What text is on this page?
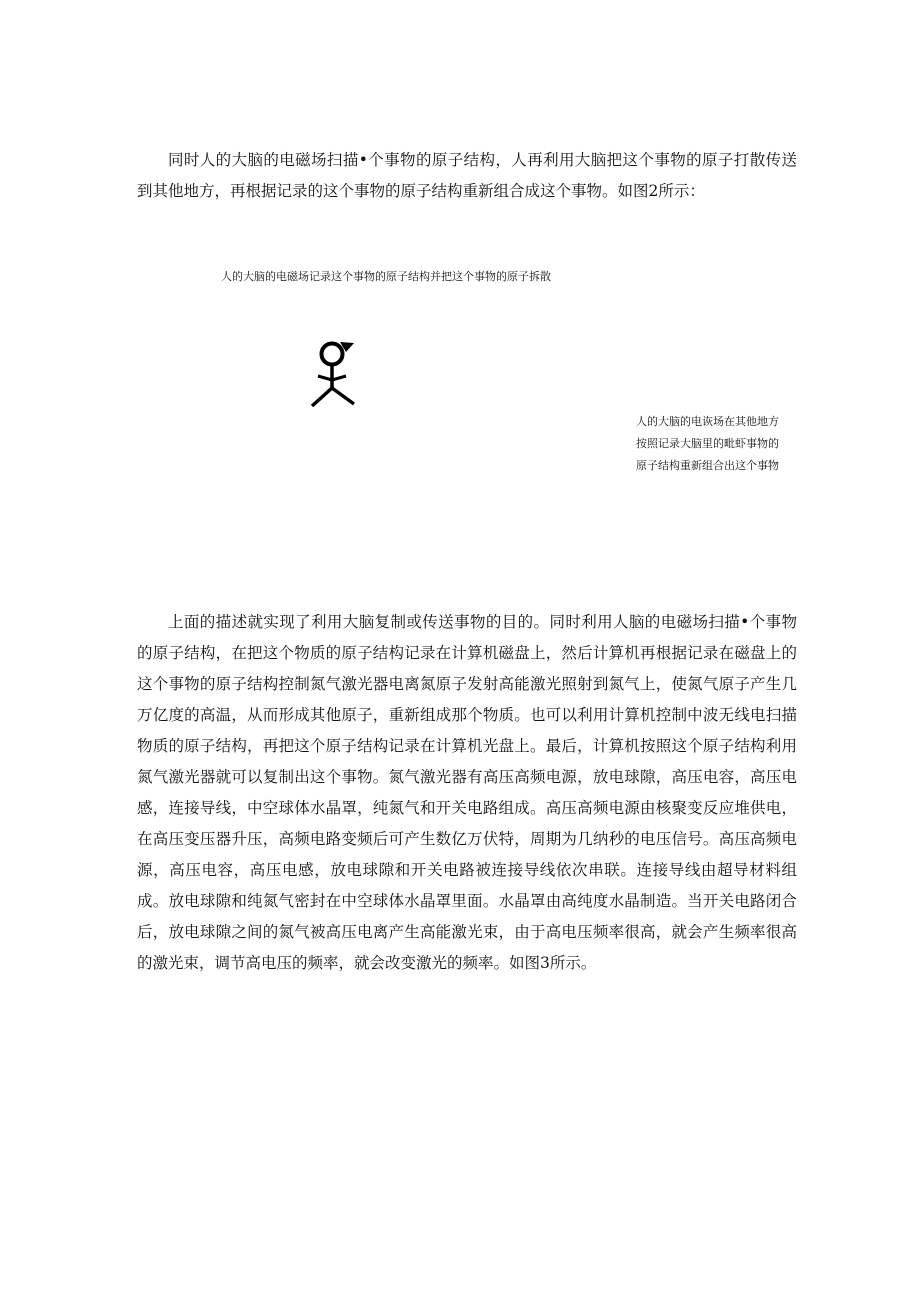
同时人的大脑的电磁场扫描•个事物的原子结构，人再利用大脑把这个事物的原子打散传送到其他地方，再根据记录的这个事物的原子结构重新组合成这个事物。如图2所示：

人的大脑的电磁场记录这个事物的原子结构并把这个事物的原子拆散

人的大脑的电诙场在其他地方按照记录大脑里的毗虾事物的原子结构重新组合出这个事物

上面的描述就实现了利用大脑复制或传送事物的目的。同时利用人脑的电磁场扫描•个事物的原子结构，在把这个物质的原子结构记录在计算机磁盘上，然后计算机再根据记录在磁盘上的这个事物的原子结构控制氮气激光器电离氮原子发射高能激光照射到氮气上，使氮气原子产生几万亿度的高温，从而形成其他原子，重新组成那个物质。也可以利用计算机控制中波无线电扫描物质的原子结构，再把这个原子结构记录在计算机光盘上。最后，计算机按照这个原子结构利用氮气激光器就可以复制出这个事物。氮气激光器有高压高频电源，放电球隙，高压电容，高压电感，连接导线，中空球体水晶罩，纯氮气和开关电路组成。高压高频电源由核聚变反应堆供电，在高压变压器升压，高频电路变频后可产生数亿万伏特，周期为几纳秒的电压信号。高压高频电源，高压电容，高压电感，放电球隙和开关电路被连接导线依次串联。连接导线由超导材料组成。放电球隙和纯氮气密封在中空球体水晶罩里面。水晶罩由高纯度水晶制造。当开关电路闭合后，放电球隙之间的氮气被高压电离产生高能激光束，由于高电压频率很高，就会产生频率很高的激光束，调节高电压的频率，就会改变激光的频率。如图3所示。
